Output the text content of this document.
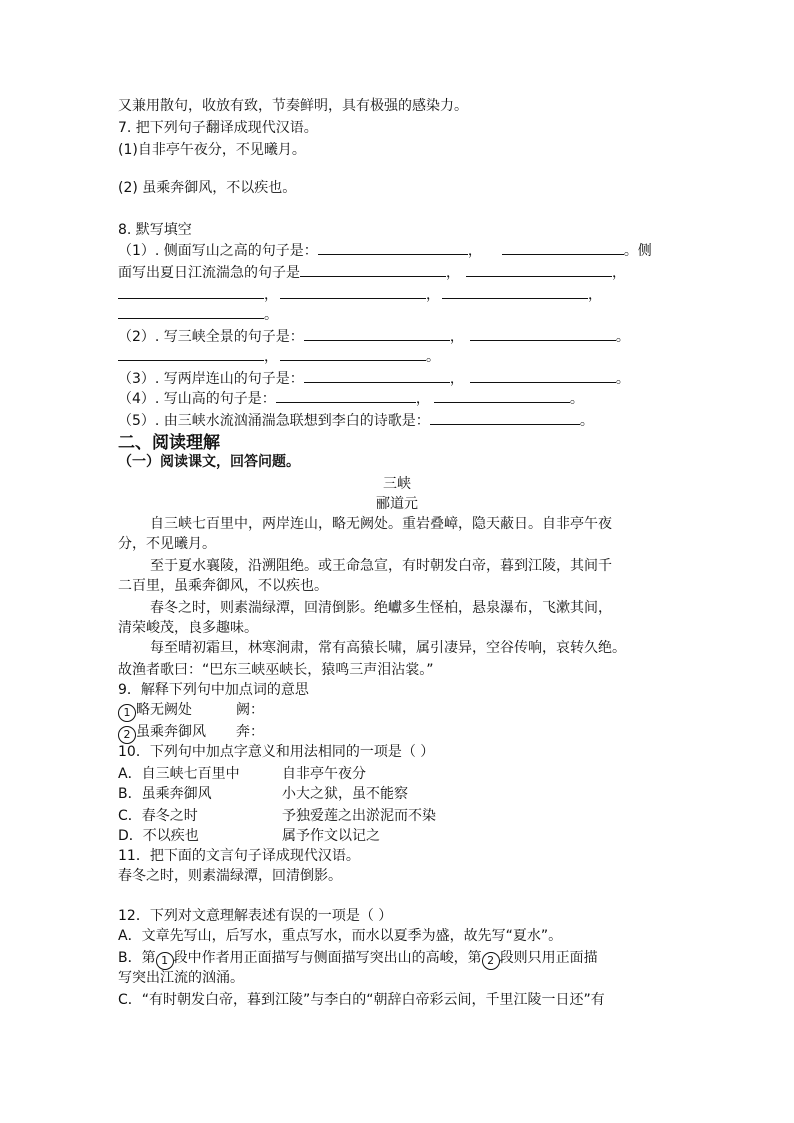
又兼用散句，收放有致，节奏鲜明，具有极强的感染力。
7. 把下列句子翻译成现代汉语。
(1)自非亭午夜分，不见曦月。
(2) 虽乘奔御风，不以疾也。
8. 默写填空
（1）. 侧面写山之高的句子是：	，	。侧
面写出夏日江流湍急的句子是	，	，
，	，	，
。
（2）. 写三峡全景的句子是：	，	。
，	。
（3）. 写两岸连山的句子是：	，	。
（4）. 写山高的句子是：	，	。
（5）. 由三峡水流汹涌湍急联想到李白的诗歌是：	。
二、阅读理解
（一）阅读课文，回答问题。
三峡
郦道元
自三峡七百里中，两岸连山，略无阙处。重岩叠嶂，隐天蔽日。自非亭午夜
分，不见曦月。
至于夏水襄陵，沿溯阻绝。或王命急宣，有时朝发白帝，暮到江陵，其间千
二百里，虽乘奔御风，不以疾也。
春冬之时，则素湍绿潭，回清倒影。绝巘多生怪柏，悬泉瀑布，飞漱其间，
清荣峻茂，良多趣味。
每至晴初霜旦，林寒涧肃，常有高猿长啸，属引凄异，空谷传响，哀转久绝。
故渔者歌曰：“巴东三峡巫峡长，猿鸣三声泪沾裳。”
9．解释下列句中加点词的意思
1 略无阙处	阙：
2 虽乘奔御风 奔：
10．下列句中加点字意义和用法相同的一项是（ ）
A．自三峡七百里中	自非亭午夜分
B．虽乘奔御风	小大之狱，虽不能察
C．春冬之时	予独爱莲之出淤泥而不染
D．不以疾也	属予作文以记之
11．把下面的文言句子译成现代汉语。
春冬之时，则素湍绿潭，回清倒影。
12．下列对文意理解表述有误的一项是（ ）
A．文章先写山，后写水，重点写水，而水以夏季为盛，故先写“夏水”。
B．第 1 段中作者用正面描写与侧面描写突出山的高峻，第 2 段则只用正面描
写突出江流的汹涌。
C．“有时朝发白帝，暮到江陵”与李白的“朝辞白帝彩云间，千里江陵一日还”有
